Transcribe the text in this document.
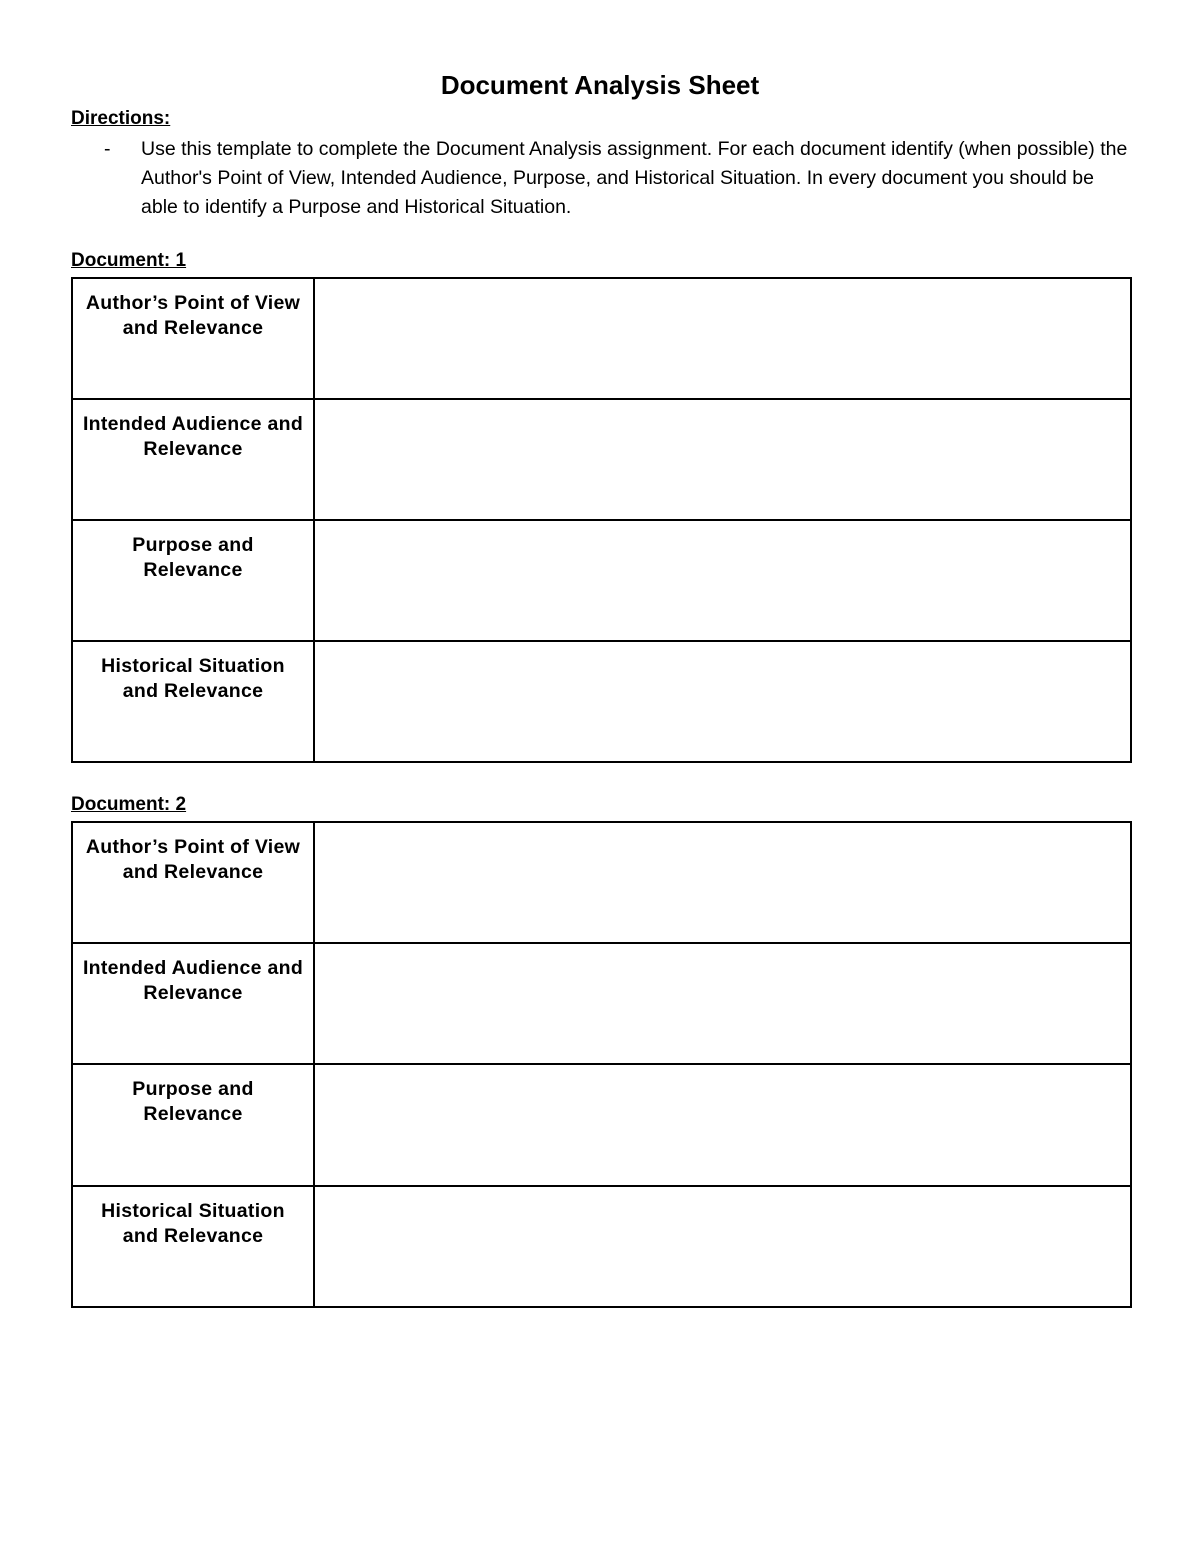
Document Analysis Sheet
Directions:
- Use this template to complete the Document Analysis assignment. For each document identify (when possible) the Author's Point of View, Intended Audience, Purpose, and Historical Situation. In every document you should be able to identify a Purpose and Historical Situation.
Document: 1
Author’s Point of View and Relevance	

Intended Audience and Relevance	

Purpose and Relevance	

Historical Situation and Relevance	

Document: 2
Author’s Point of View and Relevance	

Intended Audience and Relevance	

Purpose and Relevance	

Historical Situation and Relevance	
